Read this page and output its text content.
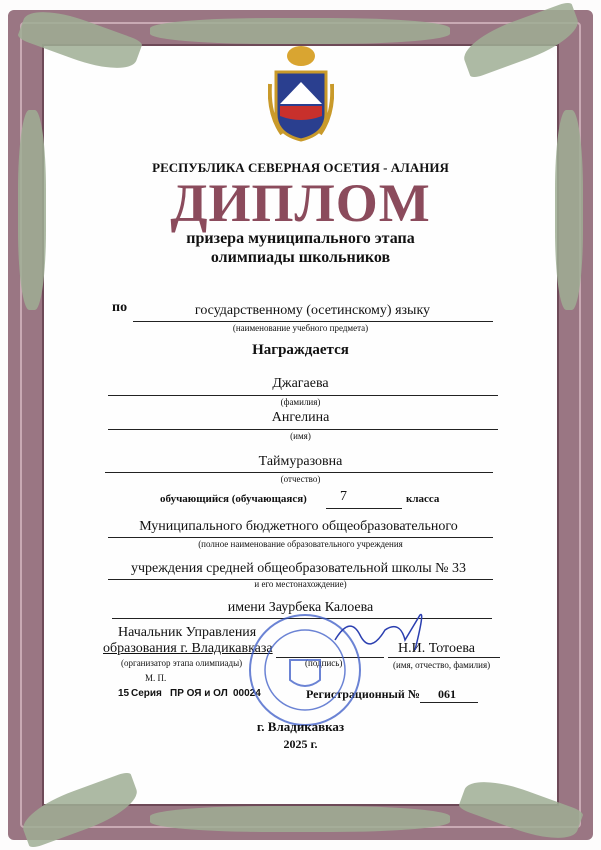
РЕСПУБЛИКА СЕВЕРНАЯ ОСЕТИЯ - АЛАНИЯ
ДИПЛОМ
призера муниципального этапа
олимпиады школьников
по	государственному (осетинскому) языку
(наименование учебного предмета)
Награждается
Джагаева
(фамилия)
Ангелина
(имя)
Таймуразовна
(отчество)
обучающийся (обучающаяся) 7	класса
Муниципального бюджетного общеобразовательного
(полное наименование образовательного учреждения
учреждения средней общеобразовательной школы № 33
и его местонахождение)
имени Заурбека Калоева
Начальник Управления
образования г. Владикавказа	Н.И. Тотоева
(организатор этапа олимпиады)	(подпись)	(имя, отчество, фамилия)
М. П.
15 Серия ПР ОЯ и ОЛ 00024	Регистрационный № 061
г. Владикавказ
2025 г.
